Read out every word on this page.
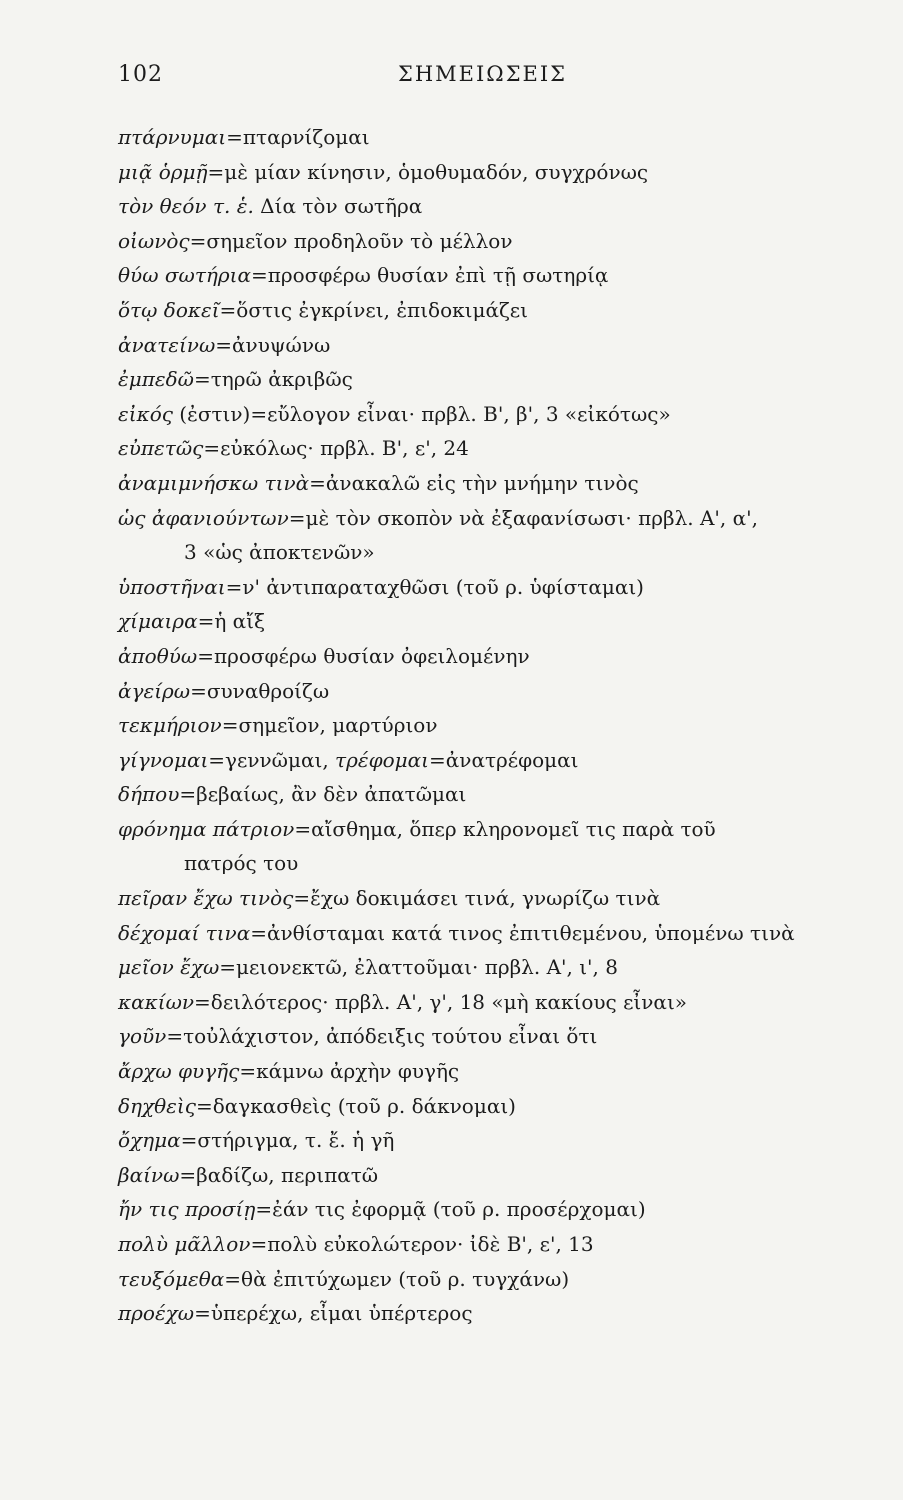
102	ΣΗΜΕΙΩΣΕΙΣ
πτάρνυμαι=πταρνίζομαι
μιᾷ ὁρμῇ=μὲ μίαν κίνησιν, ὁμοθυμαδόν, συγχρόνως
τὸν θεόν τ. ἑ. Δία τὸν σωτῆρα
οἰωνὸς=σημεῖον προδηλοῦν τὸ μέλλον
θύω σωτήρια=προσφέρω θυσίαν ἐπὶ τῇ σωτηρίᾳ
ὅτῳ δοκεῖ=ὅστις ἐγκρίνει, ἐπιδοκιμάζει
ἀνατείνω=ἀνυψώνω
ἐμπεδῶ=τηρῶ ἀκριβῶς
εἰκός (ἐστιν)=εὔλογον εἶναι· πρβλ. Β', β', 3 «εἰκότως»
εὐπετῶς=εὐκόλως· πρβλ. Β', ε', 24
ἀναμιμνήσκω τινὰ=ἀνακαλῶ εἰς τὴν μνήμην τινὸς
ὡς ἀφανιούντων=μὲ τὸν σκοπὸν νὰ ἐξαφανίσωσι· πρβλ. Α', α',
3 «ὡς ἀποκτενῶν»
ὑποστῆναι=ν' ἀντιπαραταχθῶσι (τοῦ ρ. ὑφίσταμαι)
χίμαιρα=ἡ αἴξ
ἀποθύω=προσφέρω θυσίαν ὀφειλομένην
ἀγείρω=συναθροίζω
τεκμήριον=σημεῖον, μαρτύριον
γίγνομαι=γεννῶμαι, τρέφομαι=ἀνατρέφομαι
δήπου=βεβαίως, ἂν δὲν ἀπατῶμαι
φρόνημα πάτριον=αἴσθημα, ὅπερ κληρονομεῖ τις παρὰ τοῦ
πατρός του
πεῖραν ἔχω τινὸς=ἔχω δοκιμάσει τινά, γνωρίζω τινὰ
δέχομαί τινα=ἀνθίσταμαι κατά τινος ἐπιτιθεμένου, ὑπομένω τινὰ
μεῖον ἔχω=μειονεκτῶ, ἐλαττοῦμαι· πρβλ. Α', ι', 8
κακίων=δειλότερος· πρβλ. Α', γ', 18 «μὴ κακίους εἶναι»
γοῦν=τοὐλάχιστον, ἀπόδειξις τούτου εἶναι ὅτι
ἄρχω φυγῆς=κάμνω ἀρχὴν φυγῆς
δηχθεὶς=δαγκασθεὶς (τοῦ ρ. δάκνομαι)
ὄχημα=στήριγμα, τ. ἔ. ἡ γῆ
βαίνω=βαδίζω, περιπατῶ
ἤν τις προσίῃ=ἐάν τις ἐφορμᾷ (τοῦ ρ. προσέρχομαι)
πολὺ μᾶλλον=πολὺ εὐκολώτερον· ἰδὲ Β', ε', 13
τευξόμεθα=θὰ ἐπιτύχωμεν (τοῦ ρ. τυγχάνω)
προέχω=ὑπερέχω, εἶμαι ὑπέρτερος
